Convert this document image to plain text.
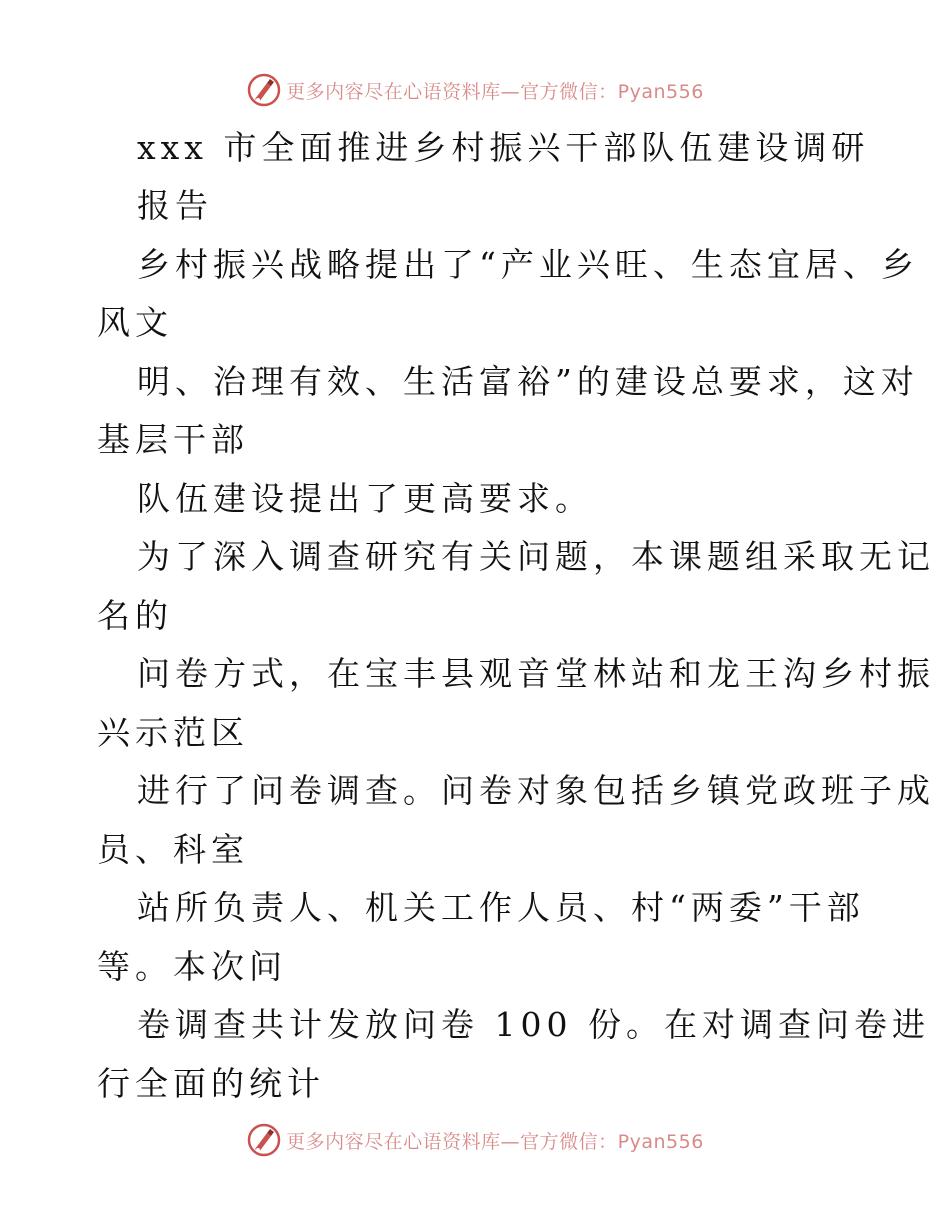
更多内容尽在心语资料库—官方微信：Pyan556
xxx 市全面推进乡村振兴干部队伍建设调研
报告
乡村振兴战略提出了“产业兴旺、生态宜居、乡
风文
明、治理有效、生活富裕”的建设总要求，这对
基层干部
队伍建设提出了更高要求。
为了深入调查研究有关问题，本课题组采取无记
名的
问卷方式，在宝丰县观音堂林站和龙王沟乡村振
兴示范区
进行了问卷调查。问卷对象包括乡镇党政班子成
员、科室
站所负责人、机关工作人员、村“两委”干部
等。本次问
卷调查共计发放问卷 100 份。在对调查问卷进
行全面的统计
更多内容尽在心语资料库—官方微信：Pyan556
